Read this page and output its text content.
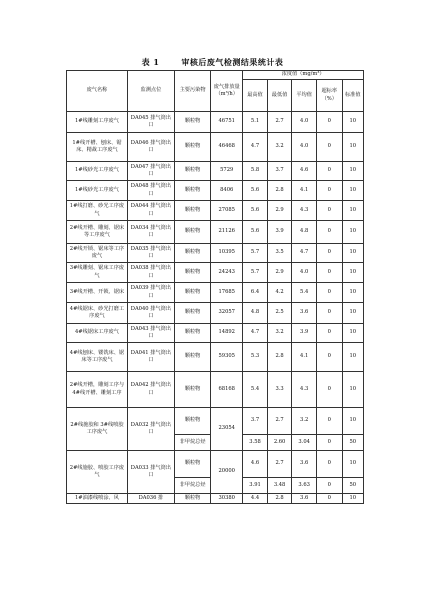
表 1	审核后废气检测结果统计表
废气名称	监测点位	主要污染物	废气排放量（m³/h）	浓度值（mg/m³）				
				最高值	最低值	平均值	超标率（%）	标准值
1#线雕刻工序废气	DA045 排气筒出口	颗粒物	46751	5.1	2.7	4.0	0	10
1#线开槽、刨床、锯床、精裁工序废气	DA046 排气筒出口	颗粒物	46468	4.7	3.2	4.0	0	10
1#线砂光工序废气	DA047 排气筒出口	颗粒物	5729	5.8	3.7	4.6	0	10
1#线砂光工序废气	DA048 排气筒出口	颗粒物	8406	5.6	2.8	4.1	0	10
1#线打磨、砂光工序废气	DA044 排气筒出口	颗粒物	27085	5.6	2.9	4.3	0	10
2#线开槽、雕刻、锯床等工序废气	DA034 排气筒出口	颗粒物	21126	5.6	3.9	4.8	0	10
2#线开锁、锯床等工序废气	DA035 排气筒出口	颗粒物	10395	5.7	3.5	4.7	0	10
3#线雕刻、锯床工序废气	DA038 排气筒出口	颗粒物	24243	5.7	2.9	4.0	0	10
3#线开槽、开锁、锯床	DA039 排气筒出口	颗粒物	17685	6.4	4.2	5.4	0	10
4#线锯床、砂光打磨工序废气	DA040 排气筒出口	颗粒物	32057	4.8	2.5	3.6	0	10
4#线锯床工序废气	DA043 排气筒出口	颗粒物	14892	4.7	3.2	3.9	0	10
4#线刨床、镂铣床、锯床等工序废气	DA041 排气筒出口	颗粒物	59305	5.3	2.8	4.1	0	10
2#线开槽，雕刻工序与 4#线开槽、雕刻工序	DA042 排气筒出口	颗粒物	68168	5.4	3.3	4.3	0	10
2#线施胶和 3#线喷胶工序废气	DA032 排气筒出口	颗粒物	23054	3.7	2.7	3.2	0	10
		非甲烷总烃		3.58	2.60	3.04	0	50
2#线施胶、喷胶工序废气	DA033 排气筒出口	颗粒物	20000	4.6	2.7	3.6	0	10
		非甲烷总烃		3.91	3.48	3.63	0	50
1#油漆线喷涂、风	DA036 排	颗粒物	30380	4.4	2.8	3.6	0	10
